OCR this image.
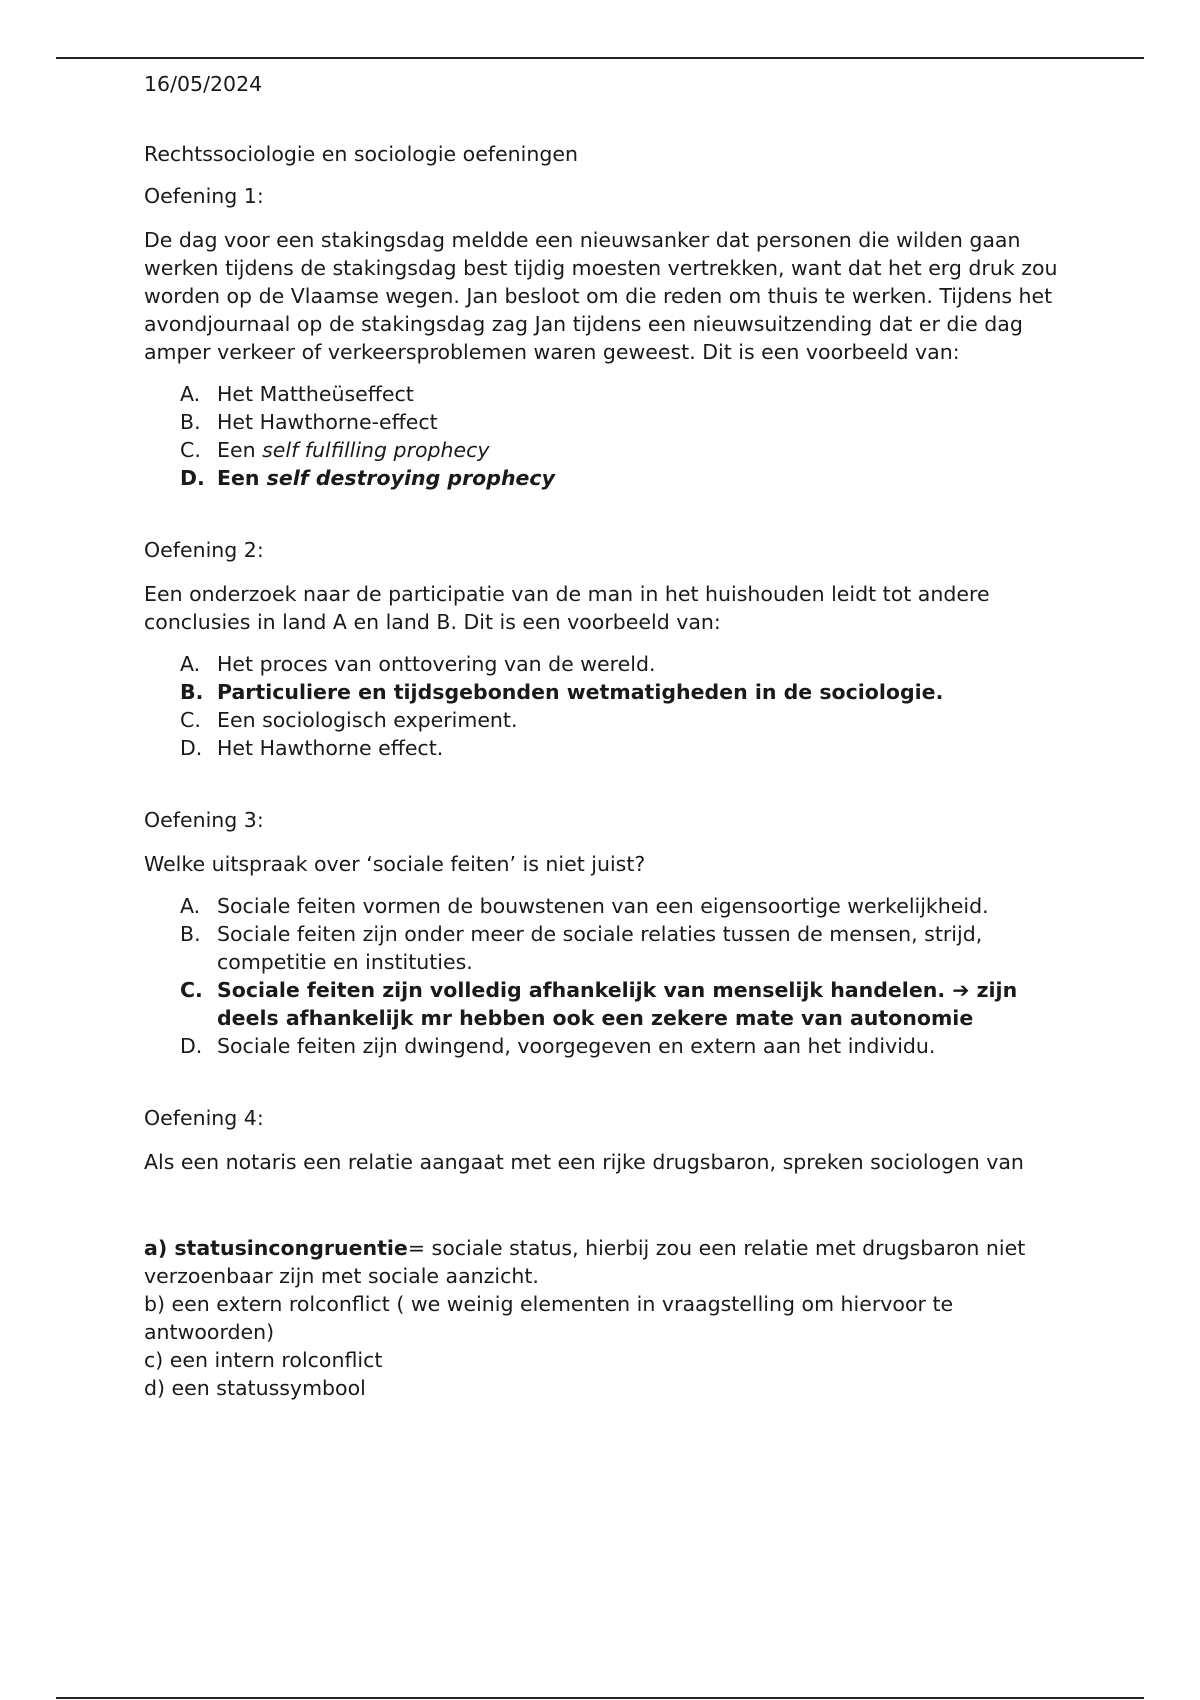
16/05/2024

Rechtssociologie en sociologie oefeningen

Oefening 1:

De dag voor een stakingsdag meldde een nieuwsanker dat personen die wilden gaan werken tijdens de stakingsdag best tijdig moesten vertrekken, want dat het erg druk zou worden op de Vlaamse wegen. Jan besloot om die reden om thuis te werken. Tijdens het avondjournaal op de stakingsdag zag Jan tijdens een nieuwsuitzending dat er die dag amper verkeer of verkeersproblemen waren geweest. Dit is een voorbeeld van:

A. Het Mattheüseffect
B. Het Hawthorne-effect
C. Een self fulfilling prophecy
D. Een self destroying prophecy

Oefening 2:

Een onderzoek naar de participatie van de man in het huishouden leidt tot andere conclusies in land A en land B. Dit is een voorbeeld van:

A. Het proces van onttovering van de wereld.
B. Particuliere en tijdsgebonden wetmatigheden in de sociologie.
C. Een sociologisch experiment.
D. Het Hawthorne effect.

Oefening 3:

Welke uitspraak over ‘sociale feiten’ is niet juist?

A. Sociale feiten vormen de bouwstenen van een eigensoortige werkelijkheid.
B. Sociale feiten zijn onder meer de sociale relaties tussen de mensen, strijd, competitie en instituties.
C. Sociale feiten zijn volledig afhankelijk van menselijk handelen. ➔ zijn deels afhankelijk mr hebben ook een zekere mate van autonomie
D. Sociale feiten zijn dwingend, voorgegeven en extern aan het individu.

Oefening 4:

Als een notaris een relatie aangaat met een rijke drugsbaron, spreken sociologen van

a) statusincongruentie= sociale status, hierbij zou een relatie met drugsbaron niet verzoenbaar zijn met sociale aanzicht.

b) een extern rolconflict ( we weinig elementen in vraagstelling om hiervoor te antwoorden)

c) een intern rolconflict

d) een statussymbool
